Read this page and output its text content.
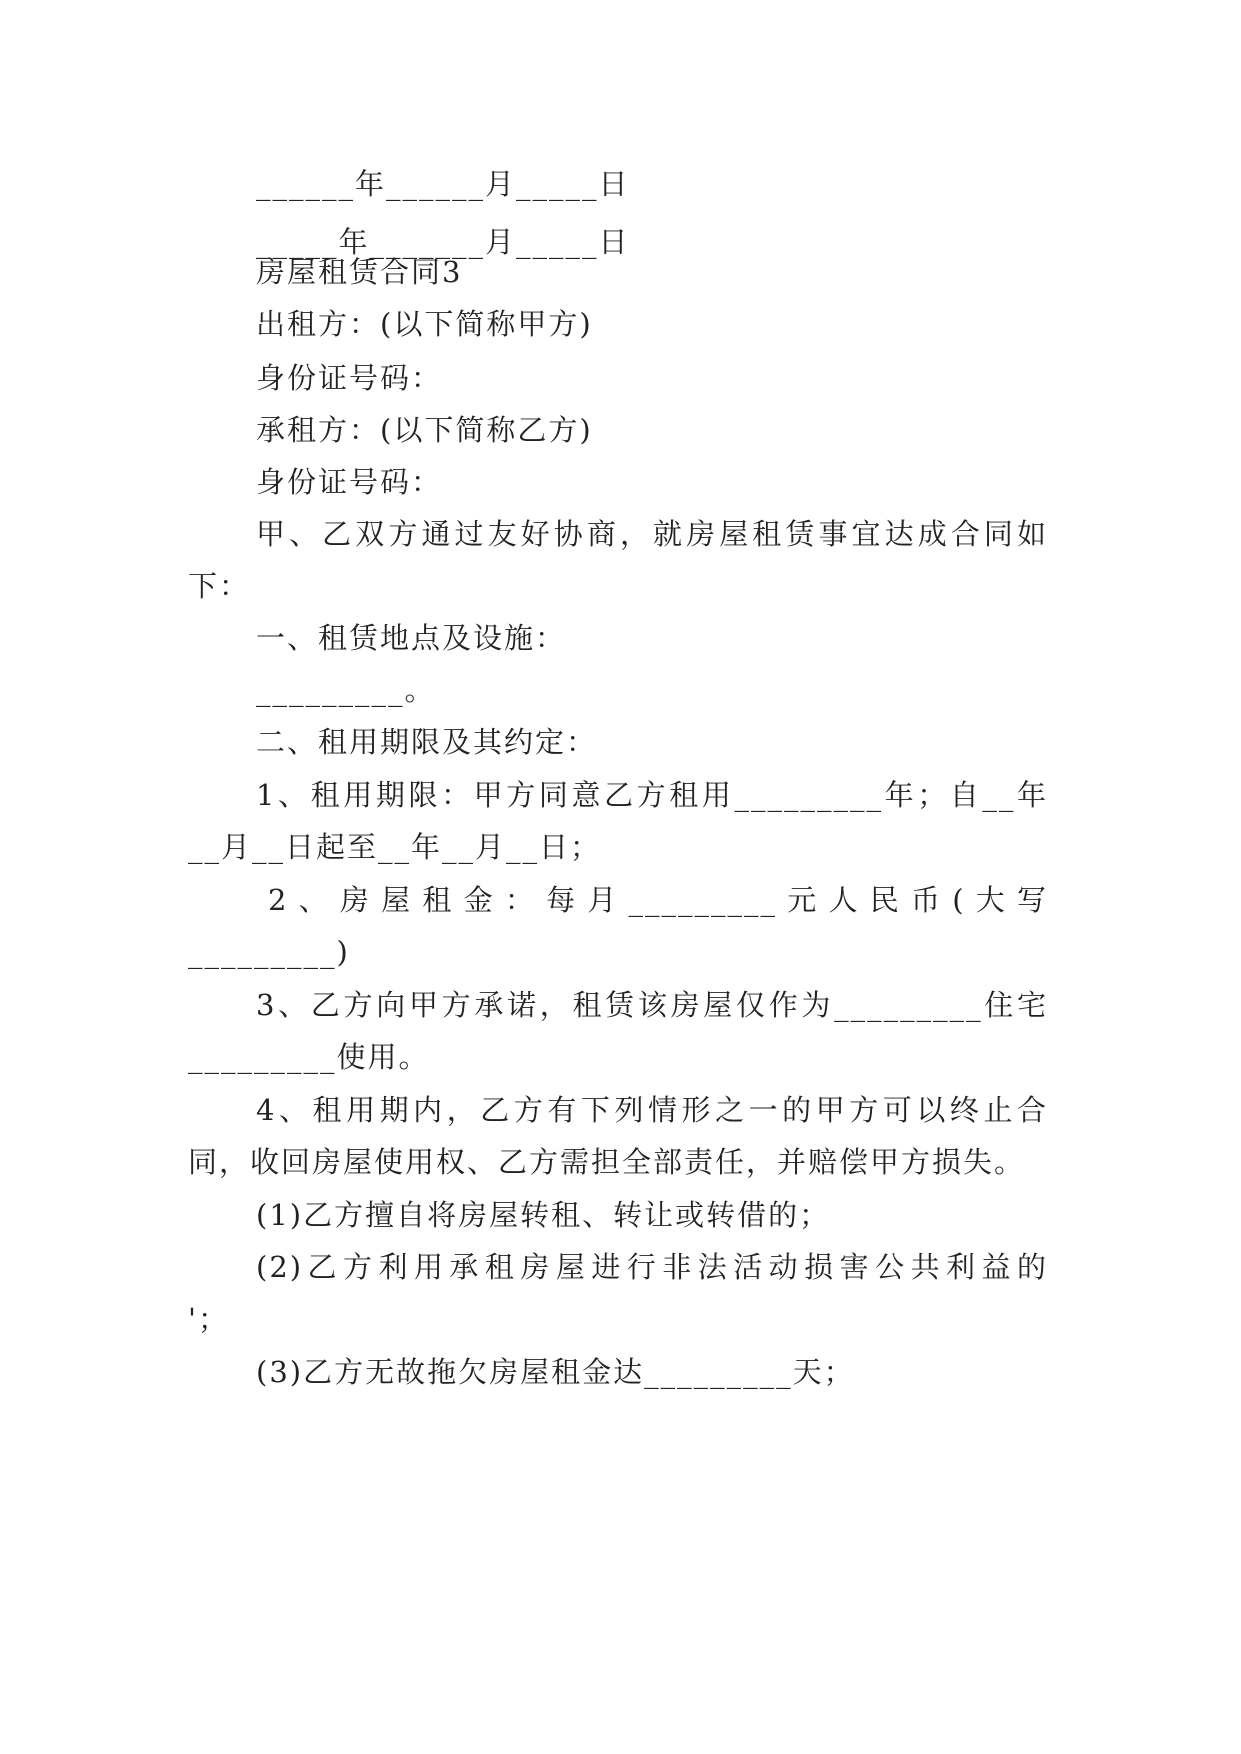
______年______月_____日
_____年_______月_____日
房屋租赁合同3
出租方：(以下简称甲方)
身份证号码：
承租方：(以下简称乙方)
身份证号码：
甲、乙双方通过友好协商，就房屋租赁事宜达成合同如
下：
一、租赁地点及设施：
_________。
二、租用期限及其约定：
1、租用期限：甲方同意乙方租用_________年；自__年
__月__日起至__年__月__日；
2、房屋租金：每月_________元人民币(大写
_________)
3、乙方向甲方承诺，租赁该房屋仅作为_________住宅
_________使用。
4、租用期内，乙方有下列情形之一的甲方可以终止合
同，收回房屋使用权、乙方需担全部责任，并赔偿甲方损失。
(1)乙方擅自将房屋转租、转让或转借的；
(2)乙方利用承租房屋进行非法活动损害公共利益的
'；
(3)乙方无故拖欠房屋租金达_________天；
